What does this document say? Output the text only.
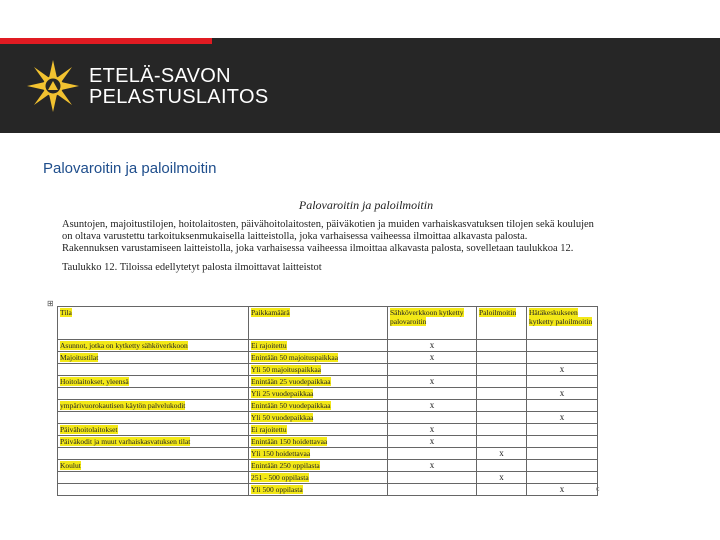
ETELÄ-SAVON
PELASTUSLAITOS
Palovaroitin ja paloilmoitin
Palovaroitin ja paloilmoitin
Asuntojen, majoitustilojen, hoitolaitosten, päivähoitolaitosten, päiväkotien ja muiden varhaiskasvatuksen tilojen sekä koulujen on oltava varustettu tarkoituksenmukaisella laitteistolla, joka varhaisessa vaiheessa ilmoittaa alkavasta palosta.
Rakennuksen varustamiseen laitteistolla, joka varhaisessa vaiheessa ilmoittaa alkavasta palosta, sovelletaan taulukkoa 12.
Taulukko 12. Tiloissa edellytetyt palosta ilmoittavat laitteistot
Tila	Paikkamäärä	Sähköverkkoon kytketty palovaroitin	Paloilmoitin	Hätäkeskukseen kytketty paloilmoitin
Asunnot, jotka on kytketty sähköverkkoon	Ei rajoitettu	x		
Majoitustilat	Enintään 50 majoituspaikkaa	x		
	Yli 50 majoituspaikkaa			x
Hoitolaitokset, yleensä	Enintään 25 vuodepaikkaa	x		
	Yli 25 vuodepaikkaa			x
ympärivuorokautisen käytön palvelukodit	Enintään 50 vuodepaikkaa	x		
	Yli 50 vuodepaikkaa			x
Päivähoitolaitokset	Ei rajoitettu	x		
Päiväkodit ja muut varhaiskasvatuksen tilat	Enintään 150 hoidettavaa	x		
	Yli 150 hoidettavaa		x	
Koulut	Enintään 250 oppilasta	x		
	251 - 500 oppilasta		x	
	Yli 500 oppilasta			x
⊞
c
